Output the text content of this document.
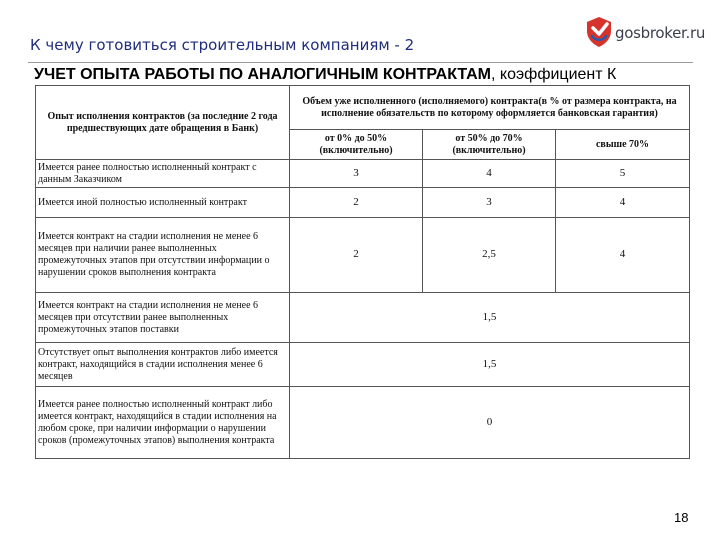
К чему готовиться строительным компаниям - 2
gosbroker.ru
УЧЕТ ОПЫТА РАБОТЫ ПО АНАЛОГИЧНЫМ КОНТРАКТАМ, коэффициент К
Опыт исполнения контрактов (за последние 2 года предшествующих дате обращения в Банк)	Объем уже исполненного (исполняемого) контракта(в % от размера контракта, на исполнение обязательств по которому оформляется банковская гарантия)		
	от 0% до 50% (включительно)	от 50% до 70% (включительно)	свыше 70%
Имеется ранее полностью исполненный контракт с данным Заказчиком	3	4	5
Имеется иной полностью исполненный контракт	2	3	4
Имеется контракт на стадии исполнения не менее 6 месяцев при наличии ранее выполненных промежуточных этапов при отсутствии информации о нарушении сроков выполнения контракта	2	2,5	4
Имеется контракт на стадии исполнения не менее 6 месяцев при отсутствии ранее выполненных промежуточных этапов поставки	1,5		
Отсутствует опыт выполнения контрактов либо имеется контракт, находящийся в стадии исполнения менее 6 месяцев	1,5		
Имеется ранее полностью исполненный контракт либо имеется контракт, находящийся в стадии исполнения на любом сроке, при наличии информации о нарушении сроков (промежуточных этапов) выполнения контракта	0		
18
